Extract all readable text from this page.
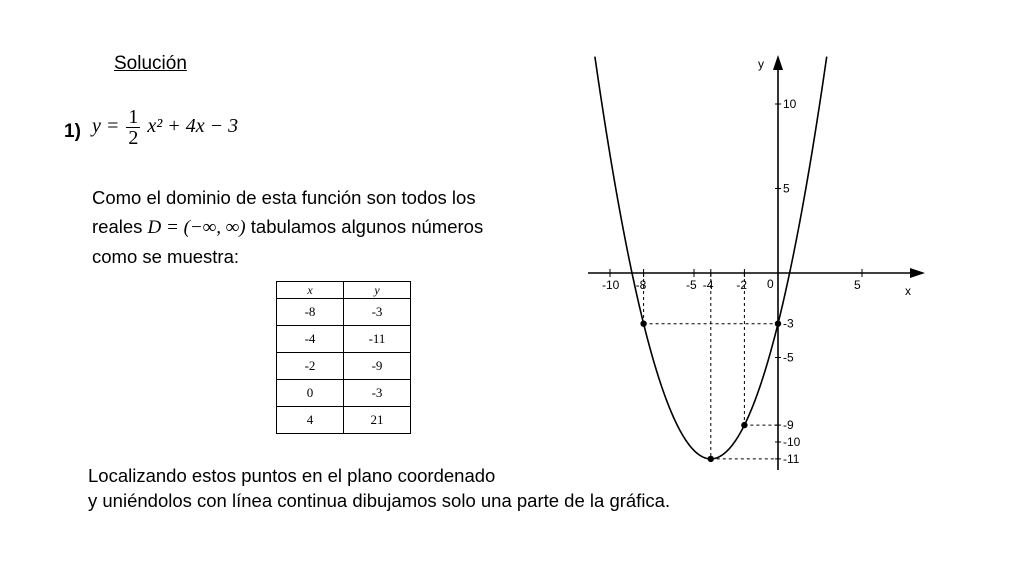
Solución
1) $y = \frac{1}{2} x^2 + 4x - 3$
Como el dominio de esta función son todos los
reales D = (−∞, ∞) tabulamos algunos números
como se muestra:
x	y
-8	-3
-4	-11
-2	-9
0	-3
4	21
Localizando estos puntos en el plano coordenado
y uniéndolos con línea continua dibujamos solo una parte de la gráfica.
x
y
-10 -8	-5 -4 -2 0	5
10
5
-3
-5
-9
-10
-11
